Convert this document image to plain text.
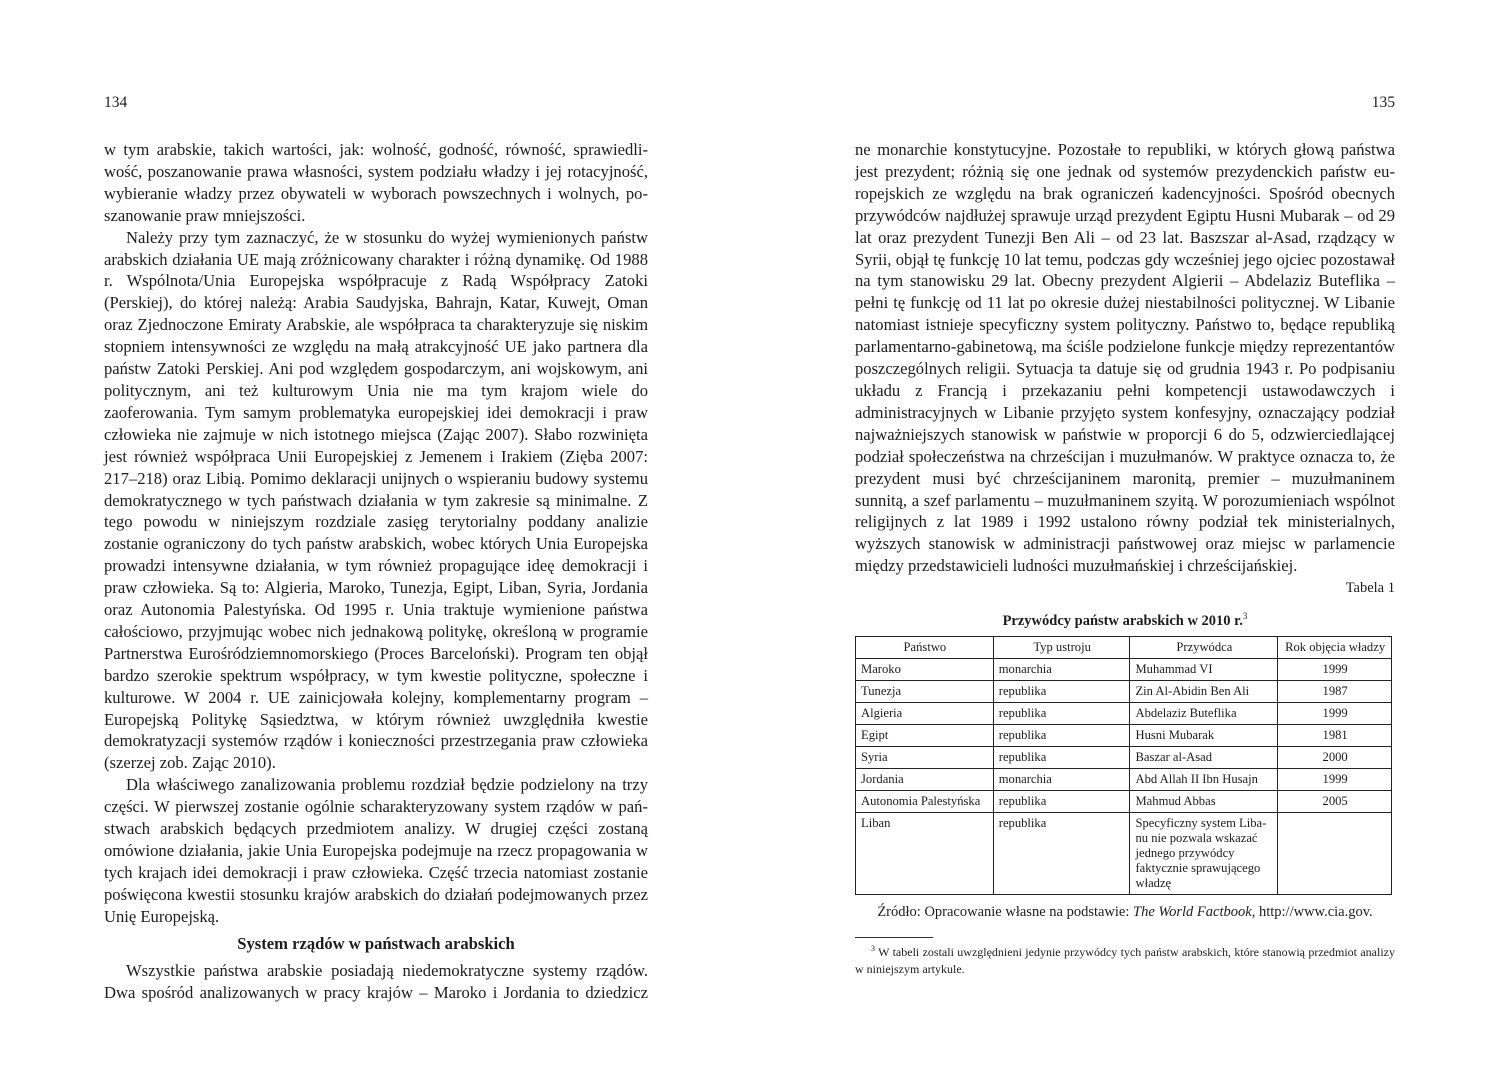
134

w tym arabskie, takich wartości, jak: wolność, godność, równość, sprawiedliwość, poszanowanie prawa własności, system podziału władzy i jej rotacyjność, wybieranie władzy przez obywateli w wyborach powszechnych i wolnych, poszanowanie praw mniejszości.

Należy przy tym zaznaczyć, że w stosunku do wyżej wymienionych państw arabskich działania UE mają zróżnicowany charakter i różną dynamikę. Od 1988 r. Wspólnota/Unia Europejska współpracuje z Radą Współpracy Zatoki (Perskiej), do której należą: Arabia Saudyjska, Bahrajn, Katar, Kuwejt, Oman oraz Zjednoczone Emiraty Arabskie, ale współpraca ta charakteryzuje się niskim stopniem intensywności ze względu na małą atrakcyjność UE jako partnera dla państw Zatoki Perskiej. Ani pod względem gospodarczym, ani wojskowym, ani politycznym, ani też kulturowym Unia nie ma tym krajom wiele do zaoferowania. Tym samym problematyka europejskiej idei demokracji i praw człowieka nie zajmuje w nich istotnego miejsca (Zając 2007). Słabo rozwinięta jest również współpraca Unii Europejskiej z Jemenem i Irakiem (Zięba 2007: 217–218) oraz Libią. Pomimo deklaracji unijnych o wspieraniu budowy systemu demokratycznego w tych państwach działania w tym zakresie są minimalne. Z tego powodu w niniejszym rozdziale zasięg terytorialny poddany analizie zostanie ograniczony do tych państw arabskich, wobec których Unia Europejska prowadzi intensywne działania, w tym również propagujące ideę demokracji i praw człowieka. Są to: Algieria, Maroko, Tunezja, Egipt, Liban, Syria, Jordania oraz Autonomia Palestyńska. Od 1995 r. Unia traktuje wymienione państwa całościowo, przyjmując wobec nich jednakową politykę, określoną w programie Partnerstwa Eurośródziemnomorskiego (Proces Barceloński). Program ten objął bardzo szerokie spektrum współpracy, w tym kwestie polityczne, społeczne i kulturowe. W 2004 r. UE zainicjowała kolejny, komplementarny program – Europejską Politykę Sąsiedztwa, w którym również uwzględniła kwestie demokratyzacji systemów rządów i konieczności przestrzegania praw człowieka (szerzej zob. Zając 2010).

Dla właściwego zanalizowania problemu rozdział będzie podzielony na trzy części. W pierwszej zostanie ogólnie scharakteryzowany system rządów w państwach arabskich będących przedmiotem analizy. W drugiej części zostaną omówione działania, jakie Unia Europejska podejmuje na rzecz propagowania w tych krajach idei demokracji i praw człowieka. Część trzecia natomiast zostanie poświęcona kwestii stosunku krajów arabskich do działań podejmowanych przez Unię Europejską.

System rządów w państwach arabskich

Wszystkie państwa arabskie posiadają niedemokratyczne systemy rządów. Dwa spośród analizowanych w pracy krajów – Maroko i Jordania to dziedzicz

135

ne monarchie konstytucyjne. Pozostałe to republiki, w których głową państwa jest prezydent; różnią się one jednak od systemów prezydenckich państw europejskich ze względu na brak ograniczeń kadencyjności. Spośród obecnych przywódców najdłużej sprawuje urząd prezydent Egiptu Husni Mubarak – od 29 lat oraz prezydent Tunezji Ben Ali – od 23 lat. Baszszar al-Asad, rządzący w Syrii, objął tę funkcję 10 lat temu, podczas gdy wcześniej jego ojciec pozostawał na tym stanowisku 29 lat. Obecny prezydent Algierii – Abdelaziz Buteflika – pełni tę funkcję od 11 lat po okresie dużej niestabilności politycznej. W Libanie natomiast istnieje specyficzny system polityczny. Państwo to, będące republiką parlamentarno-gabinetową, ma ściśle podzielone funkcje między reprezentantów poszczególnych religii. Sytuacja ta datuje się od grudnia 1943 r. Po podpisaniu układu z Francją i przekazaniu pełni kompetencji ustawodawczych i administracyjnych w Libanie przyjęto system konfesyjny, oznaczający podział najważniejszych stanowisk w państwie w proporcji 6 do 5, odzwierciedlającej podział społeczeństwa na chrześcijan i muzułmanów. W praktyce oznacza to, że prezydent musi być chrześcijaninem maronitą, premier – muzułmaninem sunnitą, a szef parlamentu – muzułmaninem szyitą. W porozumieniach wspólnot religijnych z lat 1989 i 1992 ustalono równy podział tek ministerialnych, wyższych stanowisk w administracji państwowej oraz miejsc w parlamencie między przedstawicieli ludności muzułmańskiej i chrześcijańskiej.

Tabela 1
Przywódcy państw arabskich w 2010 r.$^3$
Państwo	Typ ustroju	Przywódca	Rok objęcia władzy
Maroko	monarchia	Muhammad VI	1999
Tunezja	republika	Zin Al-Abidin Ben Ali	1987
Algieria	republika	Abdelaziz Buteflika	1999
Egipt	republika	Husni Mubarak	1981
Syria	republika	Baszar al-Asad	2000
Jordania	monarchia	Abd Allah II Ibn Husajn	1999
Autonomia Palestyńska	republika	Mahmud Abbas	2005
Liban	republika	Specyficzny system Libanu nie pozwala wskazać jednego przywódcy faktycznie sprawującego władzę	
Źródło: Opracowanie własne na podstawie: The World Factbook, http://www.cia.gov.
$^3$ W tabeli zostali uwzględnieni jedynie przywódcy tych państw arabskich, które stanowią przedmiot analizy w niniejszym artykule.
